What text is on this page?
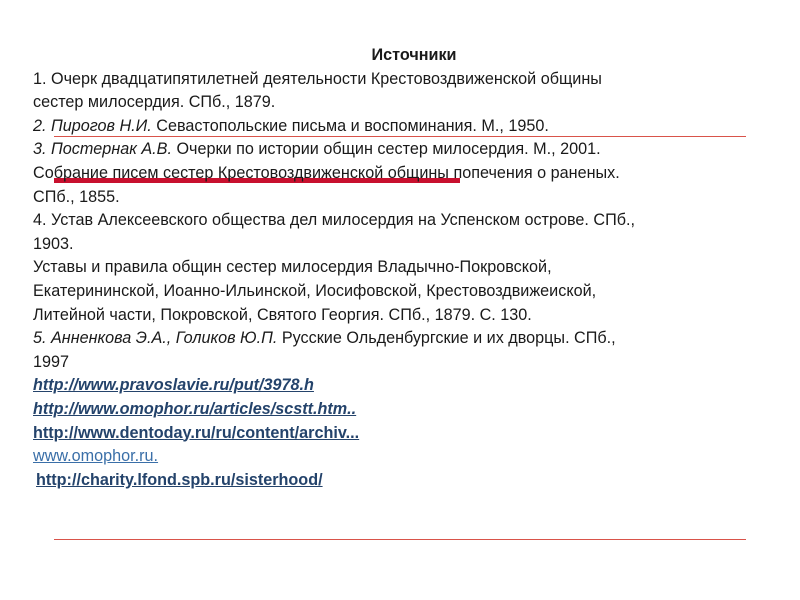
Источники

1. Очерк двадцатипятилетней деятельности Крестовоздвиженской общины

сестер милосердия. СПб., 1879.

2. Пирогов Н.И. Севастопольские письма и воспоминания. М., 1950.

3. Постернак А.В. Очерки по истории общин сестер милосердия. М., 2001.

Собрание писем сестер Крестовоздвиженской общины попечения о раненых.

СПб., 1855.

4. Устав Алексеевского общества дел милосердия на Успенском острове. СПб.,

1903.

Уставы и правила общин сестер милосердия Владычно-Покровской,

Екатерининской, Иоанно-Ильинской, Иосифовской, Крестовоздвижеиской,

Литейной части, Покровской, Святого Георгия. СПб., 1879. С. 130.

5. Анненкова Э.А., Голиков Ю.П. Русские Ольденбургские и их дворцы. СПб.,

1997

http://www.pravoslavie.ru/put/3978.h

http://www.omophor.ru/articles/scstt.htm..

http://www.dentoday.ru/ru/content/archiv...

www.omophor.ru.

http://charity.lfond.spb.ru/sisterhood/
